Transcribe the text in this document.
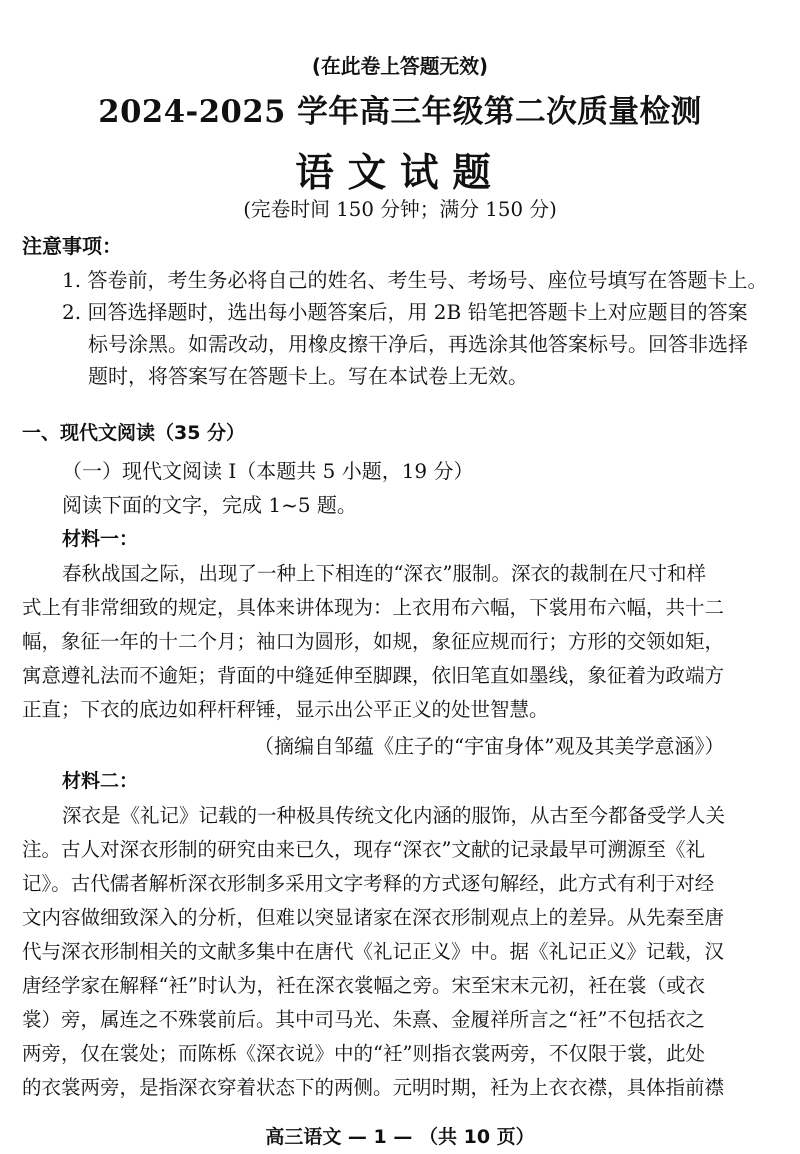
(在此卷上答题无效)
2024-2025 学年高三年级第二次质量检测
语文试题
(完卷时间 150 分钟；满分 150 分)
注意事项：
1. 答卷前，考生务必将自己的姓名、考生号、考场号、座位号填写在答题卡上。
2. 回答选择题时，选出每小题答案后，用 2B 铅笔把答题卡上对应题目的答案
标号涂黑。如需改动，用橡皮擦干净后，再选涂其他答案标号。回答非选择
题时，将答案写在答题卡上。写在本试卷上无效。
一、现代文阅读（35 分）
（一）现代文阅读 I（本题共 5 小题，19 分）
阅读下面的文字，完成 1~5 题。
材料一：
春秋战国之际，出现了一种上下相连的“深衣”服制。深衣的裁制在尺寸和样
式上有非常细致的规定，具体来讲体现为：上衣用布六幅，下裳用布六幅，共十二
幅，象征一年的十二个月；袖口为圆形，如规，象征应规而行；方形的交领如矩，
寓意遵礼法而不逾矩；背面的中缝延伸至脚踝，依旧笔直如墨线，象征着为政端方
正直；下衣的底边如秤杆秤锤，显示出公平正义的处世智慧。
（摘编自邹蕴《庄子的“宇宙身体”观及其美学意涵》）
材料二：
深衣是《礼记》记载的一种极具传统文化内涵的服饰，从古至今都备受学人关
注。古人对深衣形制的研究由来已久，现存“深衣”文献的记录最早可溯源至《礼
记》。古代儒者解析深衣形制多采用文字考释的方式逐句解经，此方式有利于对经
文内容做细致深入的分析，但难以突显诸家在深衣形制观点上的差异。从先秦至唐
代与深衣形制相关的文献多集中在唐代《礼记正义》中。据《礼记正义》记载，汉
唐经学家在解释“衽”时认为，衽在深衣裳幅之旁。宋至宋末元初，衽在裳（或衣
裳）旁，属连之不殊裳前后。其中司马光、朱熹、金履祥所言之“衽”不包括衣之
两旁，仅在裳处；而陈栎《深衣说》中的“衽”则指衣裳两旁，不仅限于裳，此处
的衣裳两旁，是指深衣穿着状态下的两侧。元明时期，衽为上衣衣襟，具体指前襟
高三语文 — 1 — （共 10 页）
